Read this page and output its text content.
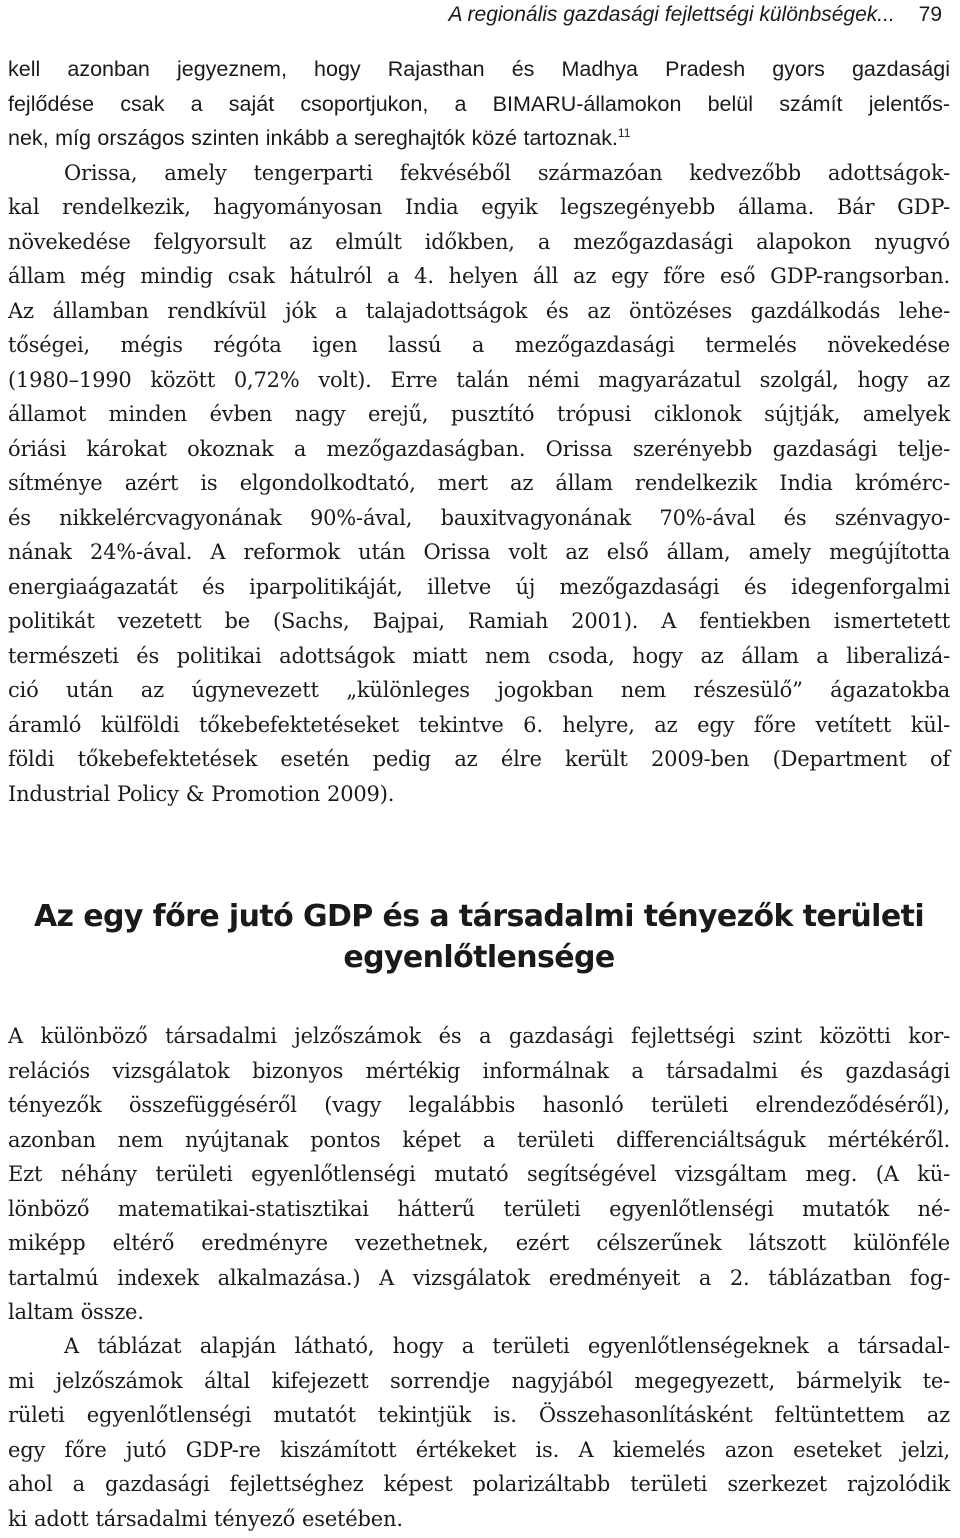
A regionális gazdasági fejlettségi különbségek... 79
kell azonban jegyeznem, hogy Rajasthan és Madhya Pradesh gyors gazdasági
fejlődése csak a saját csoportjukon, a BIMARU-államokon belül számít jelentős-
nek, míg országos szinten inkább a sereghajtók közé tartoznak.$^{11}$
Orissa, amely tengerparti fekvéséből származóan kedvezőbb adottságok-
kal rendelkezik, hagyományosan India egyik legszegényebb állama. Bár GDP-
növekedése felgyorsult az elmúlt időkben, a mezőgazdasági alapokon nyugvó
állam még mindig csak hátulról a 4. helyen áll az egy főre eső GDP-rangsorban.
Az államban rendkívül jók a talajadottságok és az öntözéses gazdálkodás lehe-
tőségei, mégis régóta igen lassú a mezőgazdasági termelés növekedése
(1980–1990 között 0,72% volt). Erre talán némi magyarázatul szolgál, hogy az
államot minden évben nagy erejű, pusztító trópusi ciklonok sújtják, amelyek
óriási károkat okoznak a mezőgazdaságban. Orissa szerényebb gazdasági telje-
sítménye azért is elgondolkodtató, mert az állam rendelkezik India krómérc-
és nikkelércvagyonának 90%-ával, bauxitvagyonának 70%-ával és szénvagyo-
nának 24%-ával. A reformok után Orissa volt az első állam, amely megújította
energiaágazatát és iparpolitikáját, illetve új mezőgazdasági és idegenforgalmi
politikát vezetett be (Sachs, Bajpai, Ramiah 2001). A fentiekben ismertetett
természeti és politikai adottságok miatt nem csoda, hogy az állam a liberalizá-
ció után az úgynevezett „különleges jogokban nem részesülő” ágazatokba
áramló külföldi tőkebefektetéseket tekintve 6. helyre, az egy főre vetített kül-
földi tőkebefektetések esetén pedig az élre került 2009-ben (Department of
Industrial Policy & Promotion 2009).
Az egy főre jutó GDP és a társadalmi tényezők területi
egyenlőtlensége
A különböző társadalmi jelzőszámok és a gazdasági fejlettségi szint közötti kor-
relációs vizsgálatok bizonyos mértékig informálnak a társadalmi és gazdasági
tényezők összefüggéséről (vagy legalábbis hasonló területi elrendeződéséről),
azonban nem nyújtanak pontos képet a területi differenciáltságuk mértékéről.
Ezt néhány területi egyenlőtlenségi mutató segítségével vizsgáltam meg. (A kü-
lönböző matematikai-statisztikai hátterű területi egyenlőtlenségi mutatók né-
miképp eltérő eredményre vezethetnek, ezért célszerűnek látszott különféle
tartalmú indexek alkalmazása.) A vizsgálatok eredményeit a 2. táblázatban fog-
laltam össze.
A táblázat alapján látható, hogy a területi egyenlőtlenségeknek a társadal-
mi jelzőszámok által kifejezett sorrendje nagyjából megegyezett, bármelyik te-
rületi egyenlőtlenségi mutatót tekintjük is. Összehasonlításként feltüntettem az
egy főre jutó GDP-re kiszámított értékeket is. A kiemelés azon eseteket jelzi,
ahol a gazdasági fejlettséghez képest polarizáltabb területi szerkezet rajzolódik
ki adott társadalmi tényező esetében.
